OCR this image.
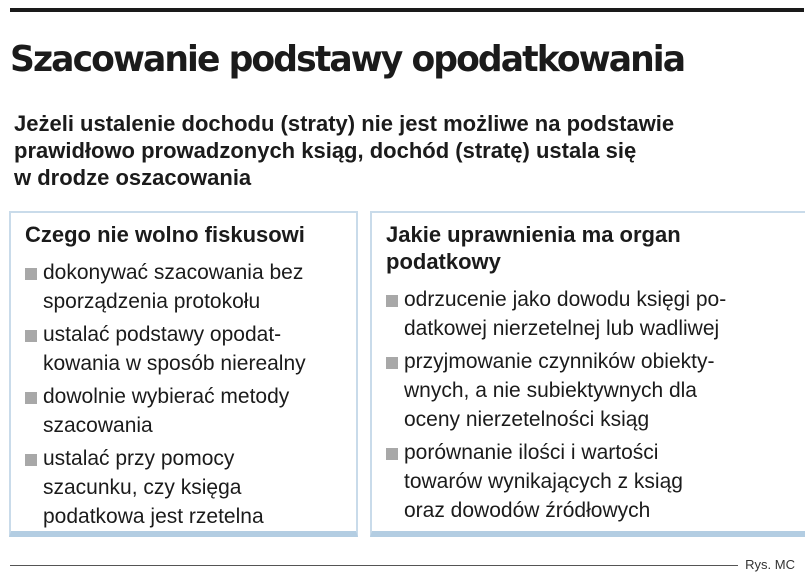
Szacowanie podstawy opodatkowania
Jeżeli ustalenie dochodu (straty) nie jest możliwe na podstawie
prawidłowo prowadzonych ksiąg, dochód (stratę) ustala się
w drodze oszacowania
Czego nie wolno fiskusowi
dokonywać szacowania bez
sporządzenia protokołu
ustalać podstawy opodat-
kowania w sposób nierealny
dowolnie wybierać metody
szacowania
ustalać przy pomocy
szacunku, czy księga
podatkowa jest rzetelna
Jakie uprawnienia ma organ
podatkowy
odrzucenie jako dowodu księgi po-
datkowej nierzetelnej lub wadliwej
przyjmowanie czynników obiekty-
wnych, a nie subiektywnych dla
oceny nierzetelności ksiąg
porównanie ilości i wartości
towarów wynikających z ksiąg
oraz dowodów źródłowych
Rys. MC
